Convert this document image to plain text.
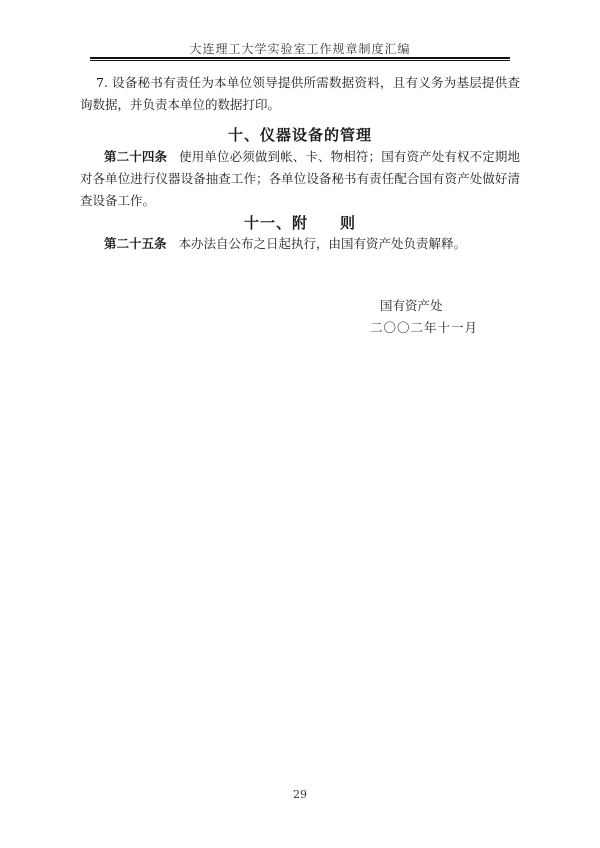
大连理工大学实验室工作规章制度汇编

7. 设备秘书有责任为本单位领导提供所需数据资料，且有义务为基层提供查询数据，并负责本单位的数据打印。

十、仪器设备的管理

第二十四条 使用单位必须做到帐、卡、物相符；国有资产处有权不定期地对各单位进行仪器设备抽查工作；各单位设备秘书有责任配合国有资产处做好清查设备工作。

十一、附　　则

第二十五条 本办法自公布之日起执行，由国有资产处负责解释。

国有资产处
二〇〇二年十一月
29
